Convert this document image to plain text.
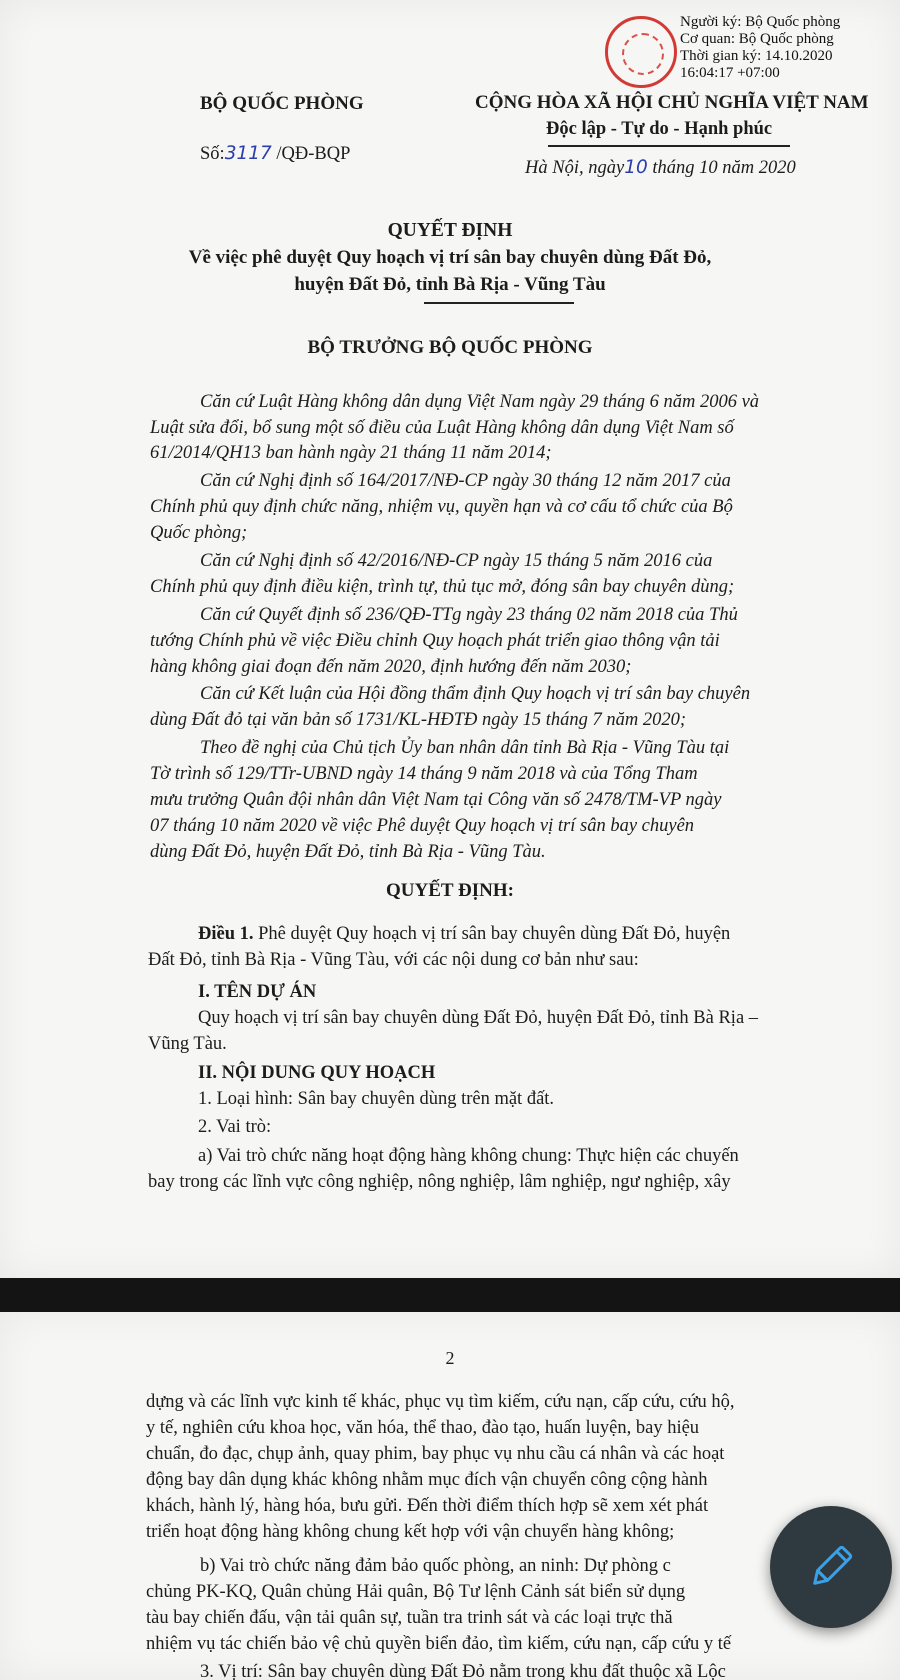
Người ký: Bộ Quốc phòng
Cơ quan: Bộ Quốc phòng
Thời gian ký: 14.10.2020
16:04:17 +07:00
BỘ QUỐC PHÒNG	CỘNG HÒA XÃ HỘI CHỦ NGHĨA VIỆT NAM
Độc lập - Tự do - Hạnh phúc
Số:3117 /QĐ-BQP
Hà Nội, ngày10 tháng 10 năm 2020
QUYẾT ĐỊNH
Về việc phê duyệt Quy hoạch vị trí sân bay chuyên dùng Đất Đỏ,
huyện Đất Đỏ, tỉnh Bà Rịa - Vũng Tàu
BỘ TRƯỞNG BỘ QUỐC PHÒNG
Căn cứ Luật Hàng không dân dụng Việt Nam ngày 29 tháng 6 năm 2006 và
Luật sửa đổi, bổ sung một số điều của Luật Hàng không dân dụng Việt Nam số
61/2014/QH13 ban hành ngày 21 tháng 11 năm 2014;
Căn cứ Nghị định số 164/2017/NĐ-CP ngày 30 tháng 12 năm 2017 của
Chính phủ quy định chức năng, nhiệm vụ, quyền hạn và cơ cấu tổ chức của Bộ
Quốc phòng;
Căn cứ Nghị định số 42/2016/NĐ-CP ngày 15 tháng 5 năm 2016 của
Chính phủ quy định điều kiện, trình tự, thủ tục mở, đóng sân bay chuyên dùng;
Căn cứ Quyết định số 236/QĐ-TTg ngày 23 tháng 02 năm 2018 của Thủ
tướng Chính phủ về việc Điều chỉnh Quy hoạch phát triển giao thông vận tải
hàng không giai đoạn đến năm 2020, định hướng đến năm 2030;
Căn cứ Kết luận của Hội đồng thẩm định Quy hoạch vị trí sân bay chuyên
dùng Đất đỏ tại văn bản số 1731/KL-HĐTĐ ngày 15 tháng 7 năm 2020;
Theo đề nghị của Chủ tịch Ủy ban nhân dân tỉnh Bà Rịa - Vũng Tàu tại
Tờ trình số 129/TTr-UBND ngày 14 tháng 9 năm 2018 và của Tổng Tham
mưu trưởng Quân đội nhân dân Việt Nam tại Công văn số 2478/TM-VP ngày
07 tháng 10 năm 2020 về việc Phê duyệt Quy hoạch vị trí sân bay chuyên
dùng Đất Đỏ, huyện Đất Đỏ, tỉnh Bà Rịa - Vũng Tàu.
QUYẾT ĐỊNH:
Điều 1. Phê duyệt Quy hoạch vị trí sân bay chuyên dùng Đất Đỏ, huyện
Đất Đỏ, tỉnh Bà Rịa - Vũng Tàu, với các nội dung cơ bản như sau:
I. TÊN DỰ ÁN
Quy hoạch vị trí sân bay chuyên dùng Đất Đỏ, huyện Đất Đỏ, tỉnh Bà Rịa –
Vũng Tàu.
II. NỘI DUNG QUY HOẠCH
1. Loại hình: Sân bay chuyên dùng trên mặt đất.
2. Vai trò:
a) Vai trò chức năng hoạt động hàng không chung: Thực hiện các chuyến
bay trong các lĩnh vực công nghiệp, nông nghiệp, lâm nghiệp, ngư nghiệp, xây
2
dựng và các lĩnh vực kinh tế khác, phục vụ tìm kiếm, cứu nạn, cấp cứu, cứu hộ,
y tế, nghiên cứu khoa học, văn hóa, thể thao, đào tạo, huấn luyện, bay hiệu
chuẩn, đo đạc, chụp ảnh, quay phim, bay phục vụ nhu cầu cá nhân và các hoạt
động bay dân dụng khác không nhằm mục đích vận chuyển công cộng hành
khách, hành lý, hàng hóa, bưu gửi. Đến thời điểm thích hợp sẽ xem xét phát
triển hoạt động hàng không chung kết hợp với vận chuyển hàng không;
b) Vai trò chức năng đảm bảo quốc phòng, an ninh: Dự phòng c
chủng PK-KQ, Quân chủng Hải quân, Bộ Tư lệnh Cảnh sát biển sử dụng
tàu bay chiến đấu, vận tải quân sự, tuần tra trinh sát và các loại trực thă
nhiệm vụ tác chiến bảo vệ chủ quyền biển đảo, tìm kiếm, cứu nạn, cấp cứu y tế
3. Vị trí: Sân bay chuyên dùng Đất Đỏ nằm trong khu đất thuộc xã Lộc
